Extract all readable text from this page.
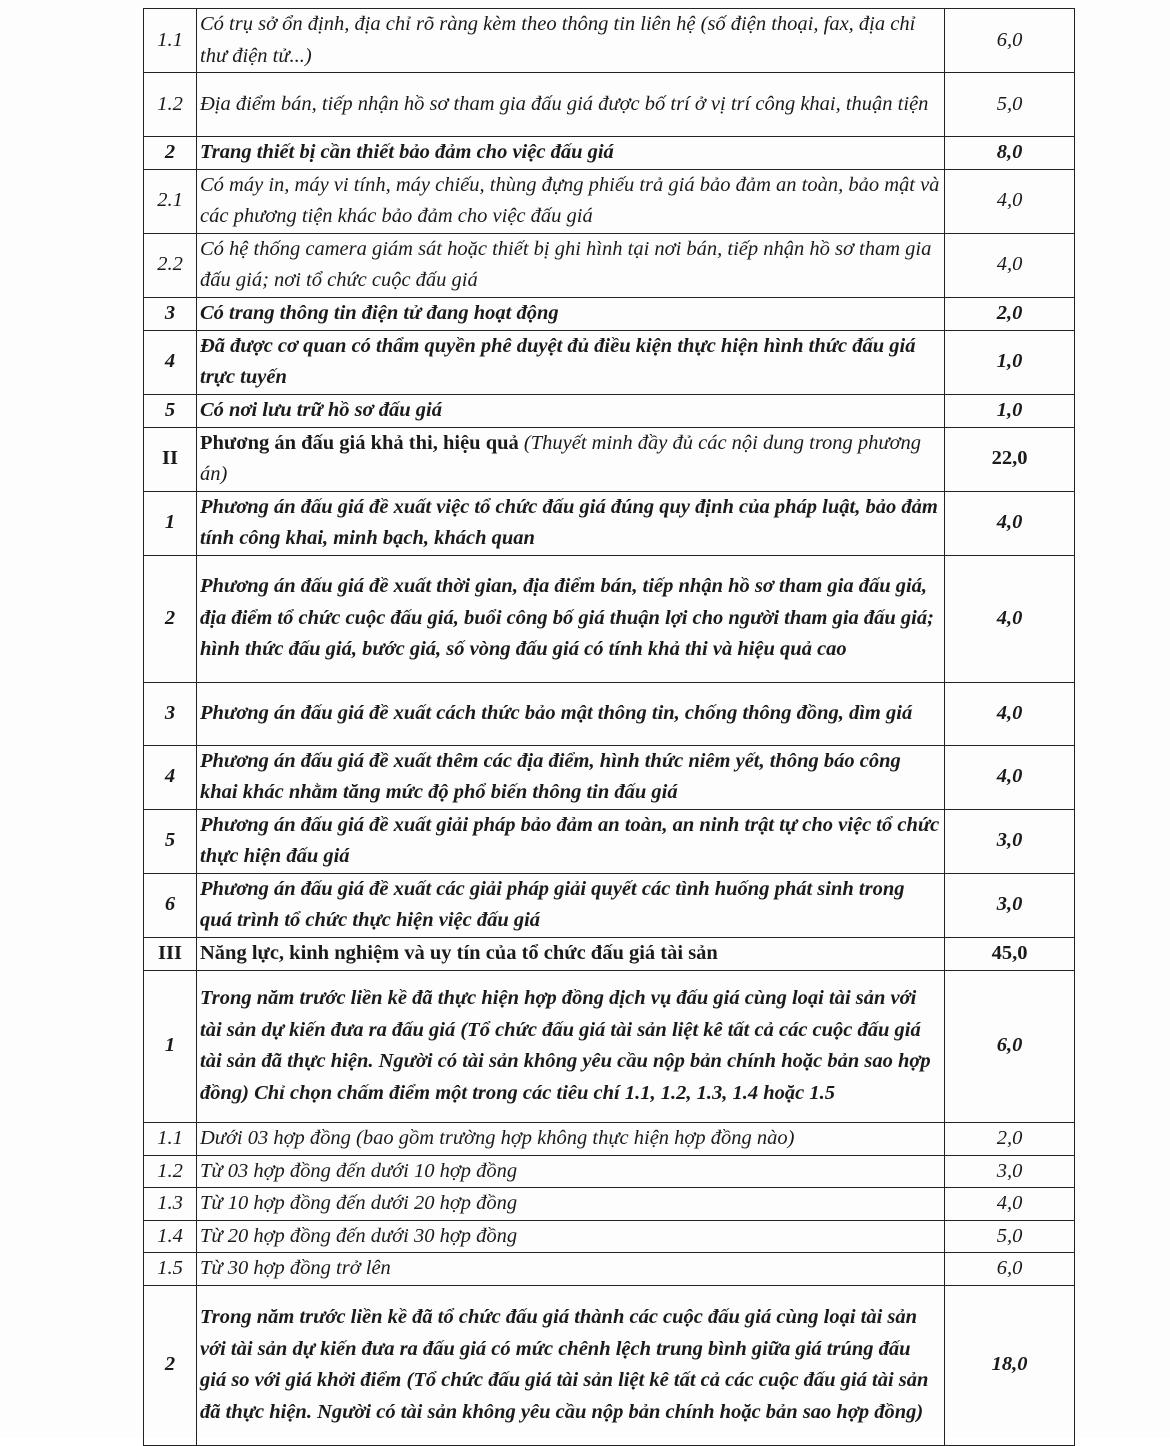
1.1	Có trụ sở ổn định, địa chỉ rõ ràng kèm theo thông tin liên hệ (số điện thoại, fax, địa chỉ thư điện tử...)	6,0
1.2	Địa điểm bán, tiếp nhận hồ sơ tham gia đấu giá được bố trí ở vị trí công khai, thuận tiện	5,0
2	Trang thiết bị cần thiết bảo đảm cho việc đấu giá	8,0
2.1	Có máy in, máy vi tính, máy chiếu, thùng đựng phiếu trả giá bảo đảm an toàn, bảo mật và các phương tiện khác bảo đảm cho việc đấu giá	4,0
2.2	Có hệ thống camera giám sát hoặc thiết bị ghi hình tại nơi bán, tiếp nhận hồ sơ tham gia đấu giá; nơi tổ chức cuộc đấu giá	4,0
3	Có trang thông tin điện tử đang hoạt động	2,0
4	Đã được cơ quan có thẩm quyền phê duyệt đủ điều kiện thực hiện hình thức đấu giá trực tuyến	1,0
5	Có nơi lưu trữ hồ sơ đấu giá	1,0
II	Phương án đấu giá khả thi, hiệu quả (Thuyết minh đầy đủ các nội dung trong phương án)	22,0
1	Phương án đấu giá đề xuất việc tổ chức đấu giá đúng quy định của pháp luật, bảo đảm tính công khai, minh bạch, khách quan	4,0
2	Phương án đấu giá đề xuất thời gian, địa điểm bán, tiếp nhận hồ sơ tham gia đấu giá, địa điểm tổ chức cuộc đấu giá, buổi công bố giá thuận lợi cho người tham gia đấu giá; hình thức đấu giá, bước giá, số vòng đấu giá có tính khả thi và hiệu quả cao	4,0
3	Phương án đấu giá đề xuất cách thức bảo mật thông tin, chống thông đồng, dìm giá	4,0
4	Phương án đấu giá đề xuất thêm các địa điểm, hình thức niêm yết, thông báo công khai khác nhằm tăng mức độ phổ biến thông tin đấu giá	4,0
5	Phương án đấu giá đề xuất giải pháp bảo đảm an toàn, an ninh trật tự cho việc tổ chức thực hiện đấu giá	3,0
6	Phương án đấu giá đề xuất các giải pháp giải quyết các tình huống phát sinh trong quá trình tổ chức thực hiện việc đấu giá	3,0
III	Năng lực, kinh nghiệm và uy tín của tổ chức đấu giá tài sản	45,0
1	Trong năm trước liền kề đã thực hiện hợp đồng dịch vụ đấu giá cùng loại tài sản với tài sản dự kiến đưa ra đấu giá (Tổ chức đấu giá tài sản liệt kê tất cả các cuộc đấu giá tài sản đã thực hiện. Người có tài sản không yêu cầu nộp bản chính hoặc bản sao hợp đồng) Chỉ chọn chấm điểm một trong các tiêu chí 1.1, 1.2, 1.3, 1.4 hoặc 1.5	6,0
1.1	Dưới 03 hợp đồng (bao gồm trường hợp không thực hiện hợp đồng nào)	2,0
1.2	Từ 03 hợp đồng đến dưới 10 hợp đồng	3,0
1.3	Từ 10 hợp đồng đến dưới 20 hợp đồng	4,0
1.4	Từ 20 hợp đồng đến dưới 30 hợp đồng	5,0
1.5	Từ 30 hợp đồng trở lên	6,0
2	Trong năm trước liền kề đã tổ chức đấu giá thành các cuộc đấu giá cùng loại tài sản với tài sản dự kiến đưa ra đấu giá có mức chênh lệch trung bình giữa giá trúng đấu giá so với giá khởi điểm (Tổ chức đấu giá tài sản liệt kê tất cả các cuộc đấu giá tài sản đã thực hiện. Người có tài sản không yêu cầu nộp bản chính hoặc bản sao hợp đồng)	18,0
